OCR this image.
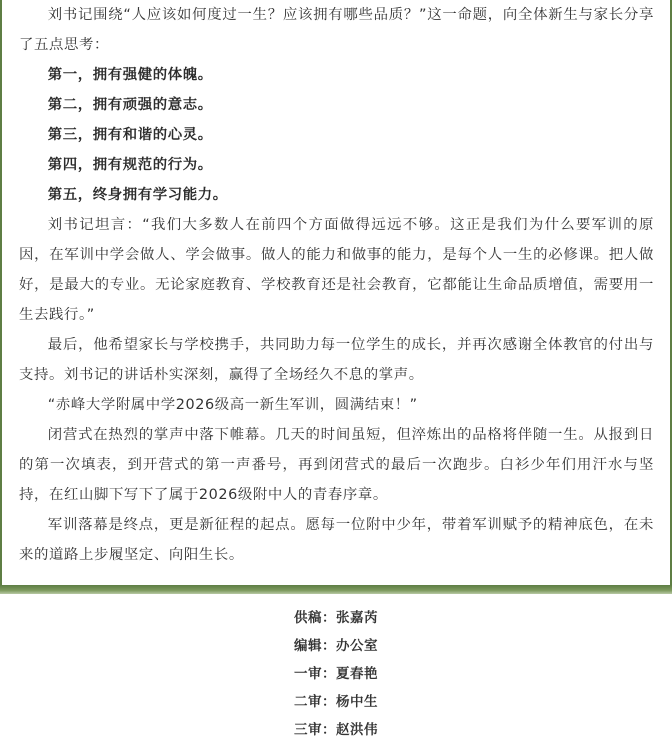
刘书记围绕“人应该如何度过一生？应该拥有哪些品质？”这一命题，向全体新生与家长分享了五点思考：

第一，拥有强健的体魄。

第二，拥有顽强的意志。

第三，拥有和谐的心灵。

第四，拥有规范的行为。

第五，终身拥有学习能力。

刘书记坦言：“我们大多数人在前四个方面做得远远不够。这正是我们为什么要军训的原因，在军训中学会做人、学会做事。做人的能力和做事的能力，是每个人一生的必修课。把人做好，是最大的专业。无论家庭教育、学校教育还是社会教育，它都能让生命品质增值，需要用一生去践行。”

最后，他希望家长与学校携手，共同助力每一位学生的成长，并再次感谢全体教官的付出与支持。刘书记的讲话朴实深刻，赢得了全场经久不息的掌声。

“赤峰大学附属中学2026级高一新生军训，圆满结束！”

闭营式在热烈的掌声中落下帷幕。几天的时间虽短，但淬炼出的品格将伴随一生。从报到日的第一次填表，到开营式的第一声番号，再到闭营式的最后一次跑步。白衫少年们用汗水与坚持，在红山脚下写下了属于2026级附中人的青春序章。

军训落幕是终点，更是新征程的起点。愿每一位附中少年，带着军训赋予的精神底色，在未来的道路上步履坚定、向阳生长。

供稿：张嘉芮
编辑：办公室
一审：夏春艳
二审：杨中生
三审：赵洪伟
